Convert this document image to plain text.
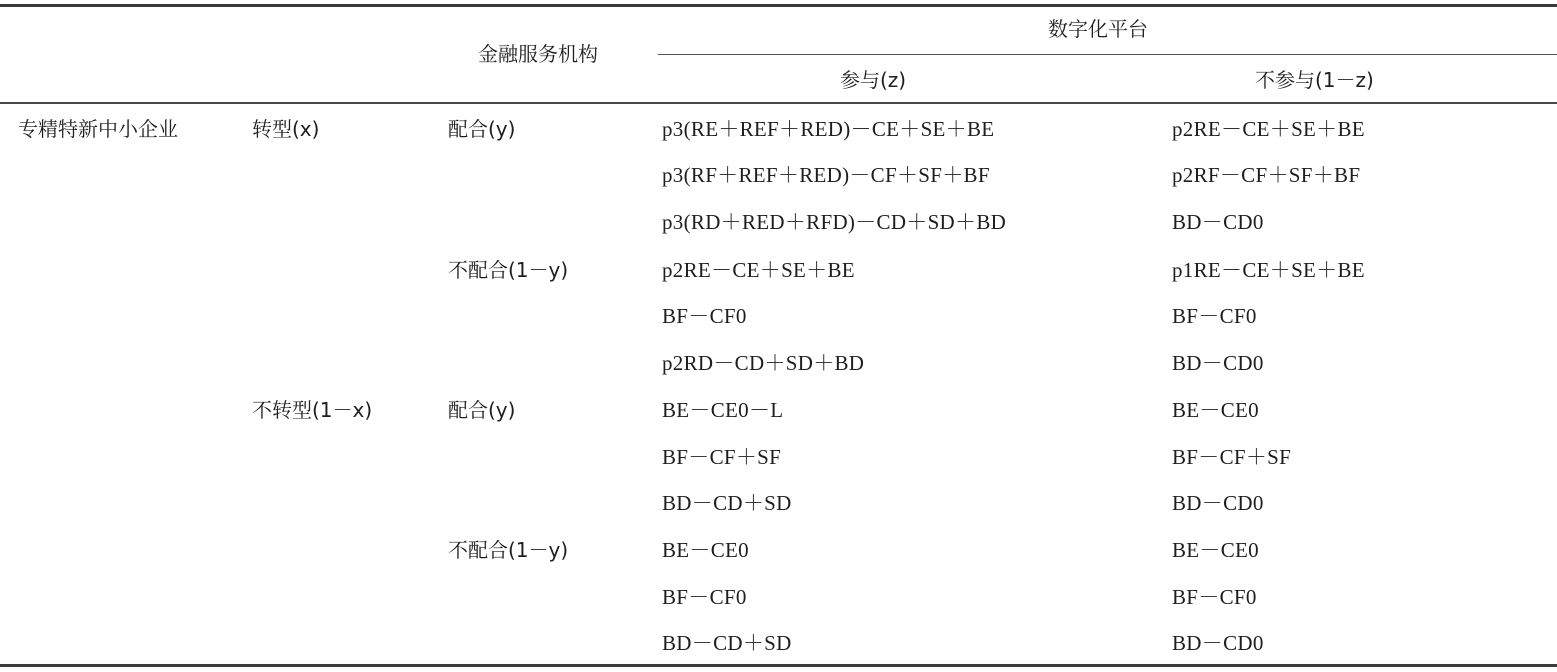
金融服务机构
数字化平台
参与(z)	不参与(1－z)
专精特新中小企业	转型(x)
不转型(1－x)
配合(y)
不配合(1－y)
配合(y)
不配合(1－y)
p3(RE＋REF＋RED)－CE＋SE＋BE
p3(RF＋REF＋RED)－CF＋SF＋BF
p3(RD＋RED＋RFD)－CD＋SD＋BD
p2RE－CE＋SE＋BE
BF－CF0
p2RD－CD＋SD＋BD
BE－CE0－L
BF－CF＋SF
BD－CD＋SD
BE－CE0
BF－CF0
BD－CD＋SD
p2RE－CE＋SE＋BE
p2RF－CF＋SF＋BF
BD－CD0
p1RE－CE＋SE＋BE
BF－CF0
BD－CD0
BE－CE0
BF－CF＋SF
BD－CD0
BE－CE0
BF－CF0
BD－CD0
